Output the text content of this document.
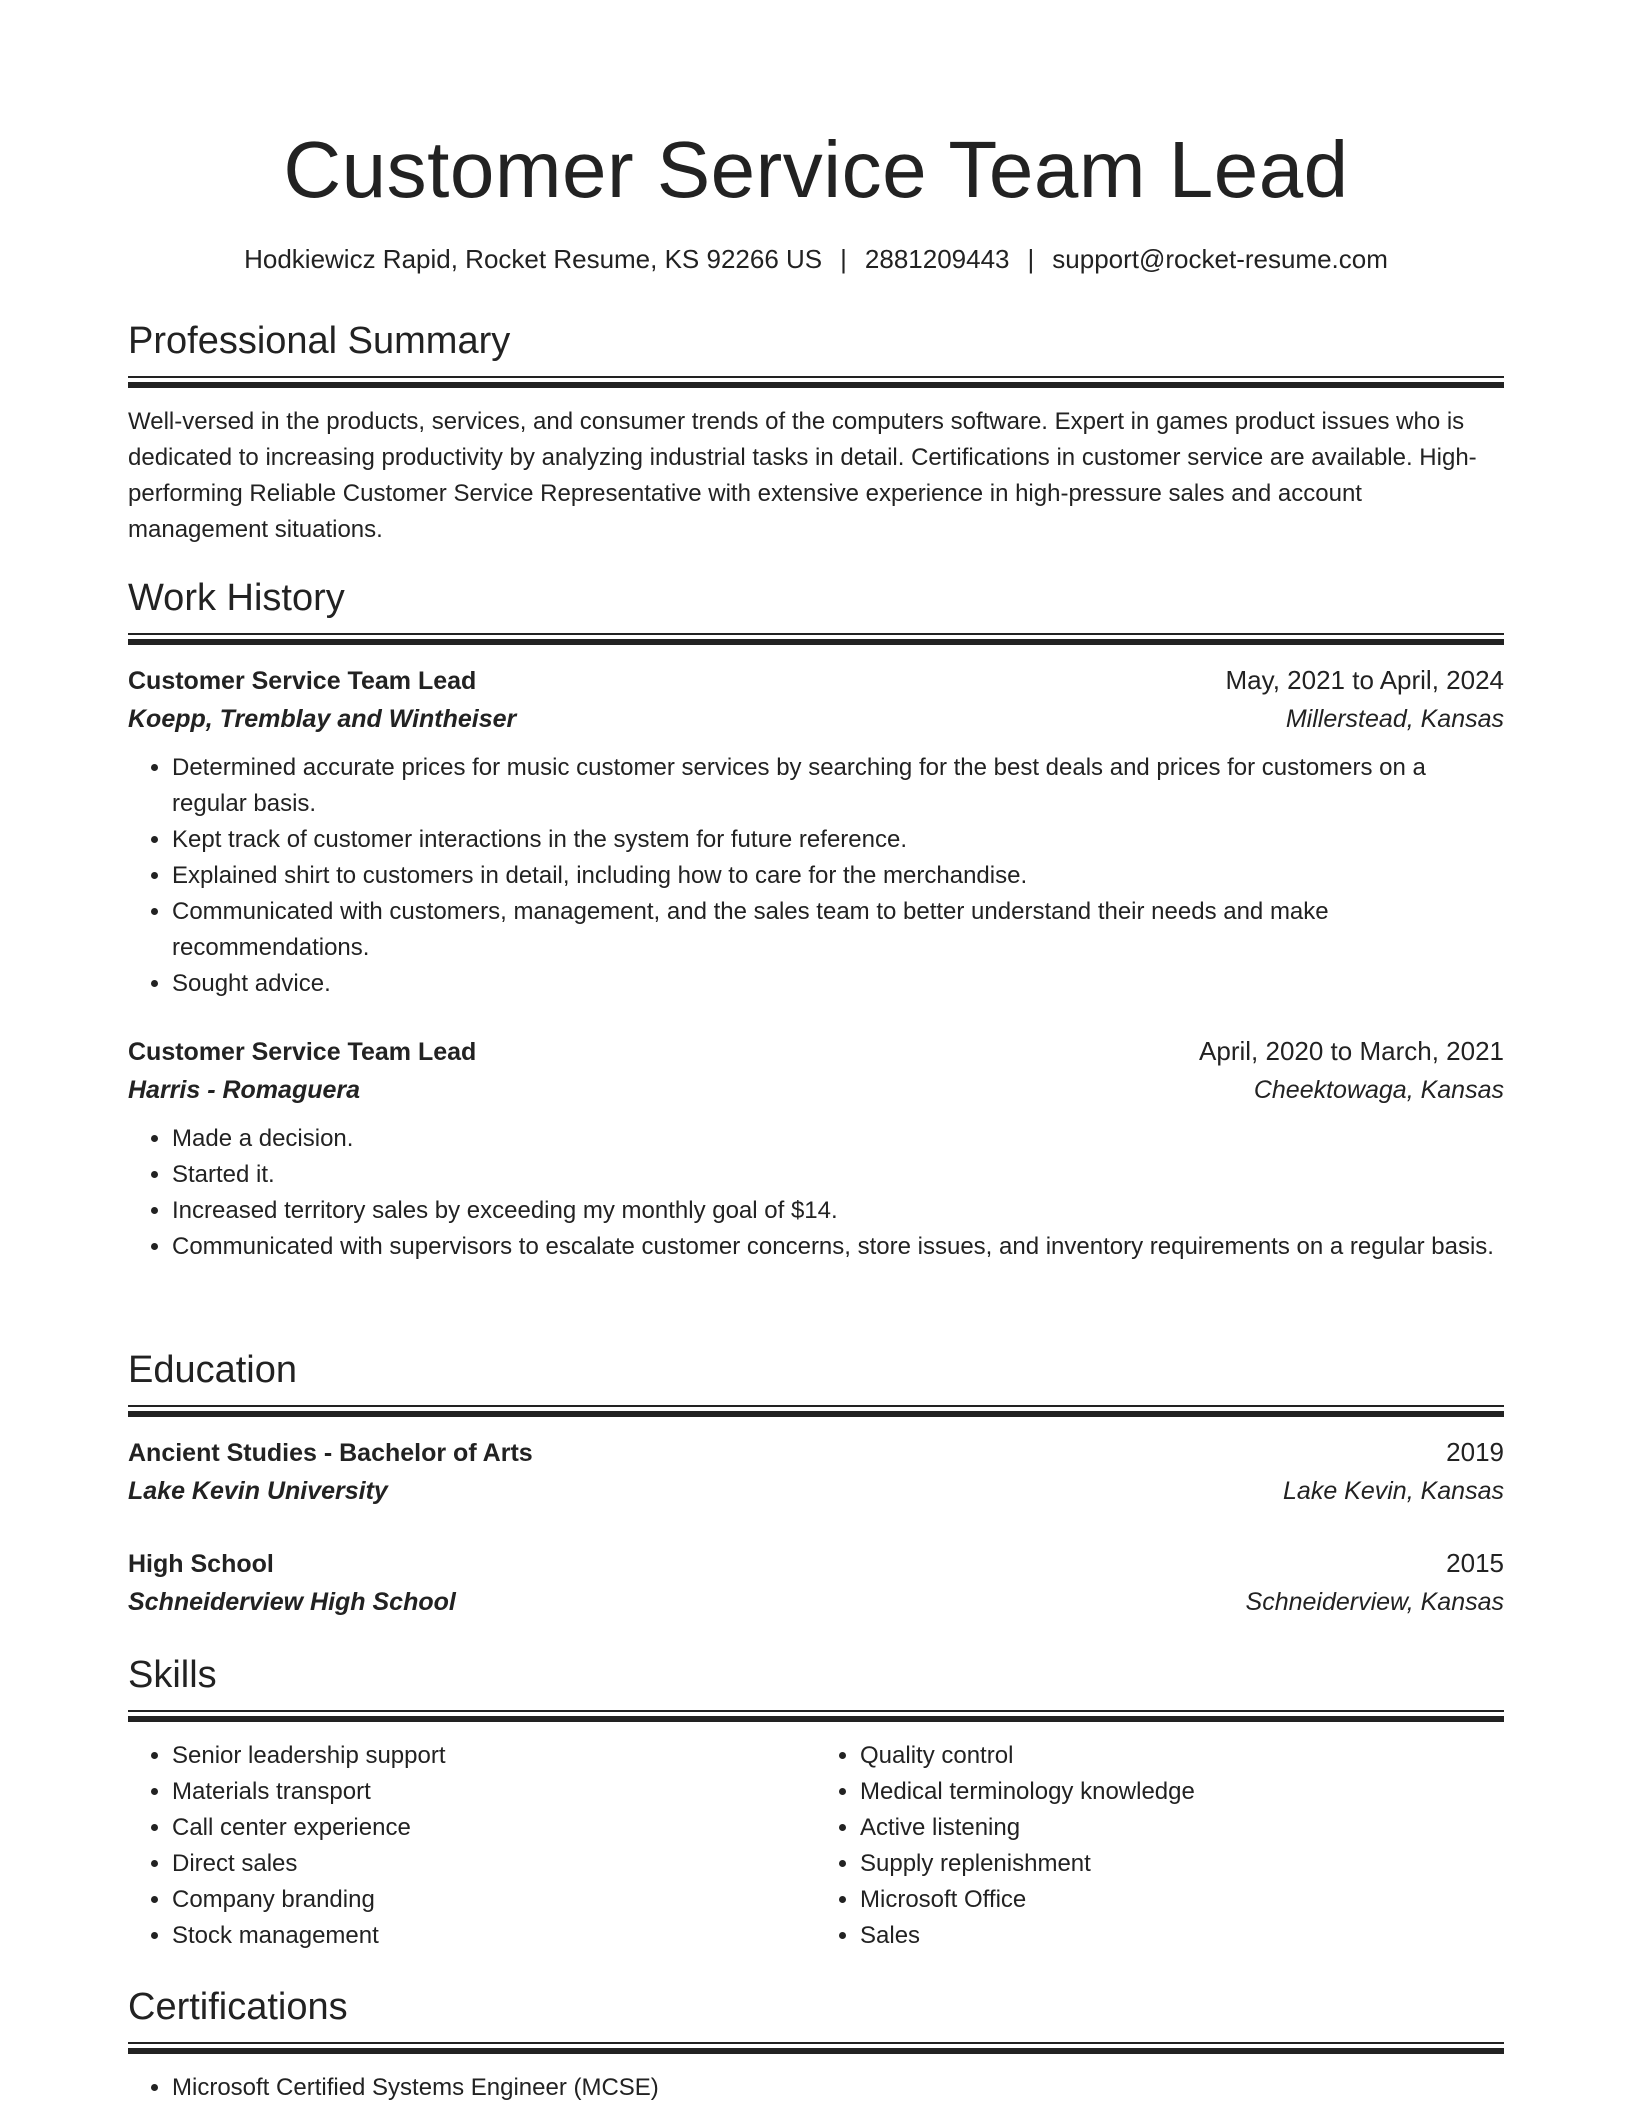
Customer Service Team Lead
Hodkiewicz Rapid, Rocket Resume, KS 92266 US | 2881209443 | support@rocket-resume.com
Professional Summary
Well-versed in the products, services, and consumer trends of the computers software. Expert in games product issues who is dedicated to increasing productivity by analyzing industrial tasks in detail. Certifications in customer service are available. High-performing Reliable Customer Service Representative with extensive experience in high-pressure sales and account management situations.
Work History
Customer Service Team Lead	May, 2021 to April, 2024
Koepp, Tremblay and Wintheiser	Millerstead, Kansas
• Determined accurate prices for music customer services by searching for the best deals and prices for customers on a regular basis.
• Kept track of customer interactions in the system for future reference.
• Explained shirt to customers in detail, including how to care for the merchandise.
• Communicated with customers, management, and the sales team to better understand their needs and make recommendations.
• Sought advice.
Customer Service Team Lead	April, 2020 to March, 2021
Harris - Romaguera	Cheektowaga, Kansas
• Made a decision.
• Started it.
• Increased territory sales by exceeding my monthly goal of $14.
• Communicated with supervisors to escalate customer concerns, store issues, and inventory requirements on a regular basis.
Education
Ancient Studies - Bachelor of Arts	2019
Lake Kevin University	Lake Kevin, Kansas
High School	2015
Schneiderview High School	Schneiderview, Kansas
Skills
• Senior leadership support
• Materials transport
• Call center experience
• Direct sales
• Company branding
• Stock management
• Quality control
• Medical terminology knowledge
• Active listening
• Supply replenishment
• Microsoft Office
• Sales
Certifications
• Microsoft Certified Systems Engineer (MCSE)
